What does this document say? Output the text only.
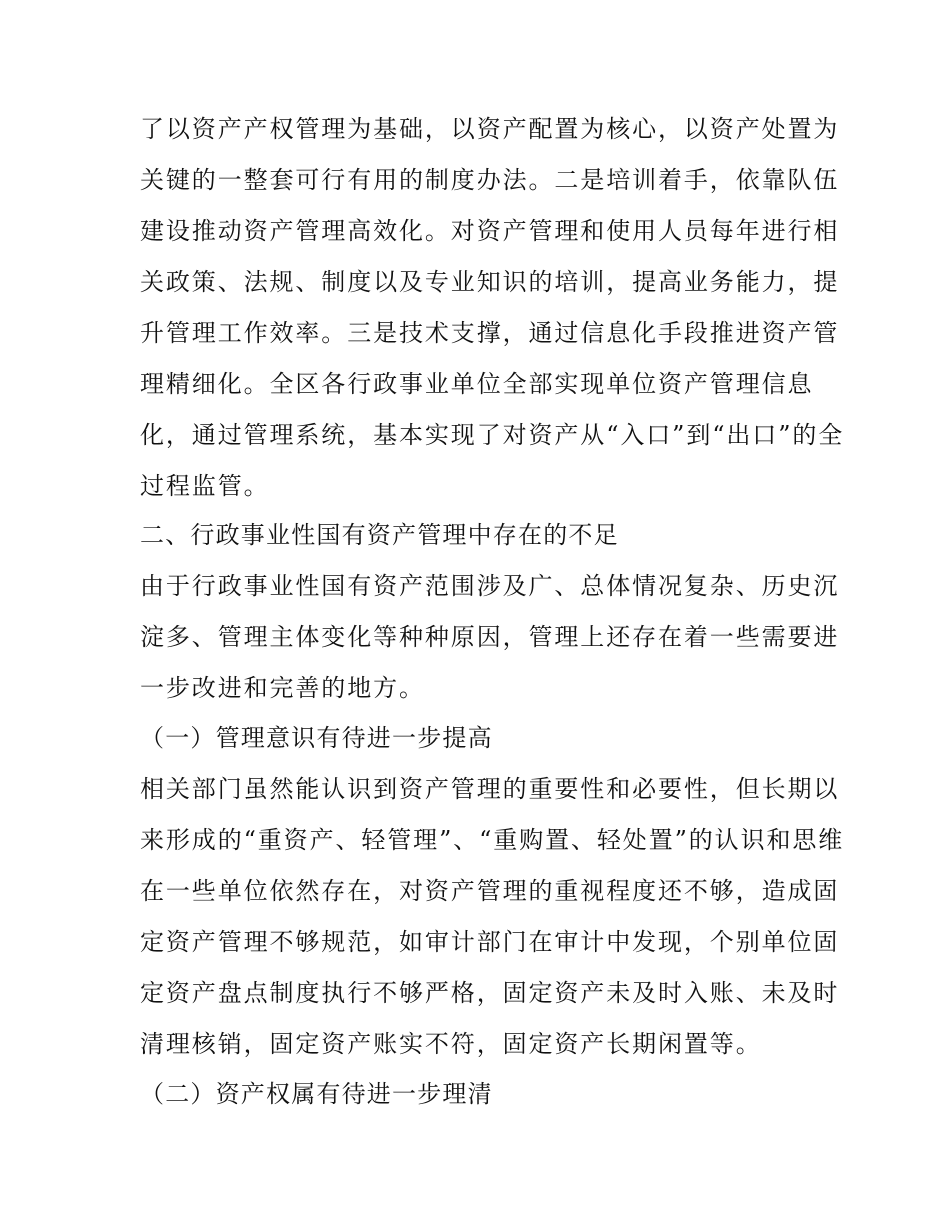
了以资产产权管理为基础，以资产配置为核心，以资产处置为
关键的一整套可行有用的制度办法。二是培训着手，依靠队伍
建设推动资产管理高效化。对资产管理和使用人员每年进行相
关政策、法规、制度以及专业知识的培训，提高业务能力，提
升管理工作效率。三是技术支撑，通过信息化手段推进资产管
理精细化。全区各行政事业单位全部实现单位资产管理信息
化，通过管理系统，基本实现了对资产从“入口”到“出口”的全
过程监管。
二、行政事业性国有资产管理中存在的不足
由于行政事业性国有资产范围涉及广、总体情况复杂、历史沉
淀多、管理主体变化等种种原因，管理上还存在着一些需要进
一步改进和完善的地方。
（一）管理意识有待进一步提高
相关部门虽然能认识到资产管理的重要性和必要性，但长期以
来形成的“重资产、轻管理”、“重购置、轻处置”的认识和思维
在一些单位依然存在，对资产管理的重视程度还不够，造成固
定资产管理不够规范，如审计部门在审计中发现，个别单位固
定资产盘点制度执行不够严格，固定资产未及时入账、未及时
清理核销，固定资产账实不符，固定资产长期闲置等。
（二）资产权属有待进一步理清
